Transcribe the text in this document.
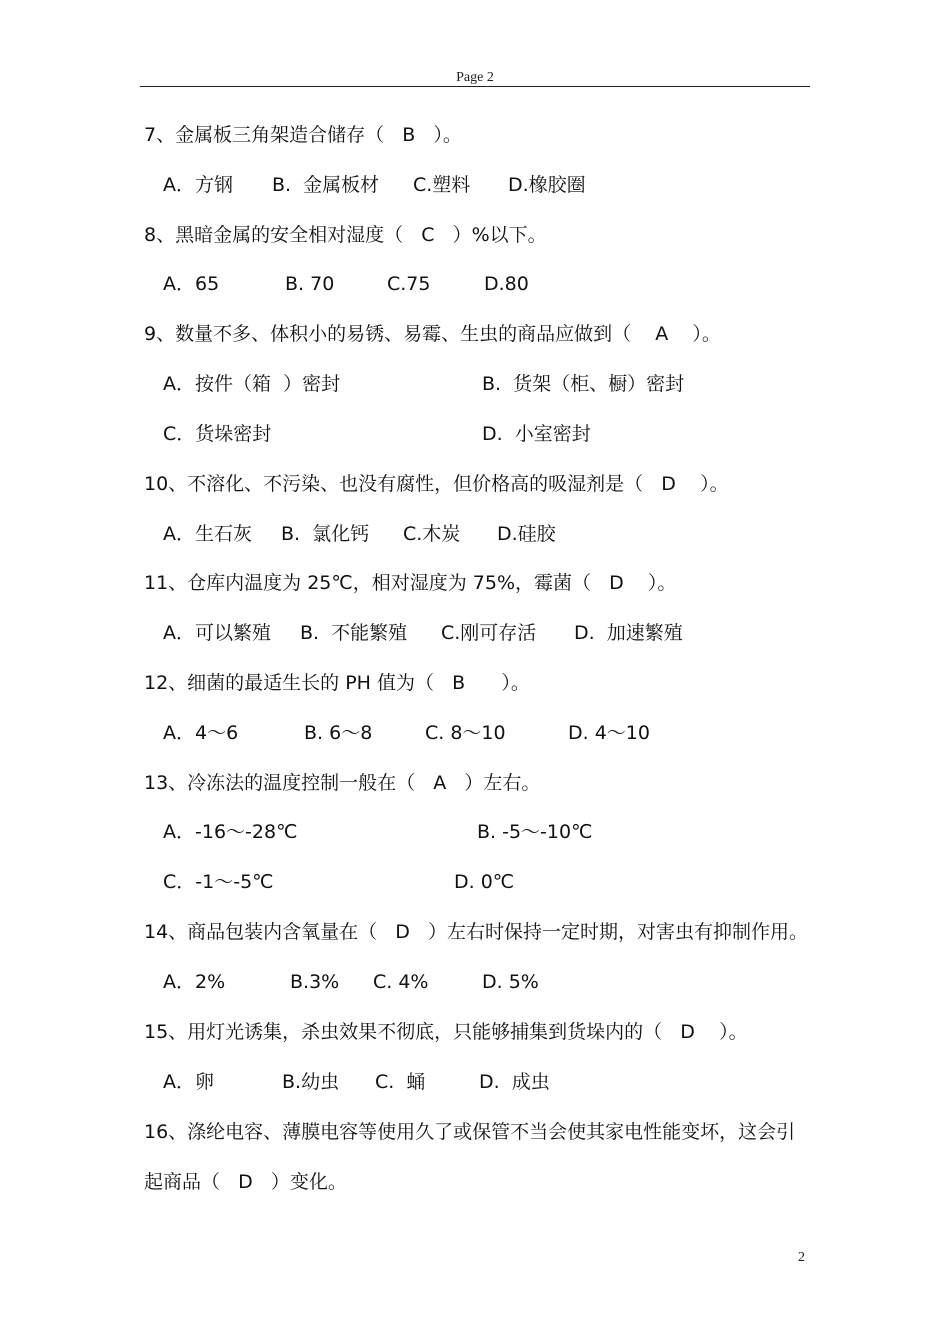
Page 2
7、金属板三角架造合储存（   B   ）。
A．方钢 B.  金属板材 C.塑料 D.橡胶圈
8、黑暗金属的安全相对湿度（   C   ）%以下。
A．65	B. 70	C.75	D.80
9、数量不多、体积小的易锈、易霉、生虫的商品应做到（    A    ）。
A．按件（箱  ）密封	B.  货架（柜、橱）密封
C．货垛密封	D.  小室密封
10、不溶化、不污染、也没有腐性，但价格高的吸湿剂是（   D    ）。
A．生石灰 B.  氯化钙 C.木炭 D.硅胶
11、仓库内温度为 25℃，相对湿度为 75%，霉菌（   D    ）。
A．可以繁殖 B.  不能繁殖 C.刚可存活 D.  加速繁殖
12、细菌的最适生长的 PH 值为（   B      ）。
A．4～6	B. 6～8	C. 8～10	D. 4～10
13、冷冻法的温度控制一般在（   A   ）左右。
A．-16～-28℃	B. -5～-10℃
C．-1～-5℃	D. 0℃
14、商品包装内含氧量在（   D   ）左右时保持一定时期，对害虫有抑制作用。
A．2%	B.3% C. 4%	D. 5%
15、用灯光诱集，杀虫效果不彻底，只能够捕集到货垛内的（   D    ）。
A．卵	B.幼虫 C.  蛹	D.  成虫
16、涤纶电容、薄膜电容等使用久了或保管不当会使其家电性能变坏，这会引
起商品（   D   ）变化。
2
